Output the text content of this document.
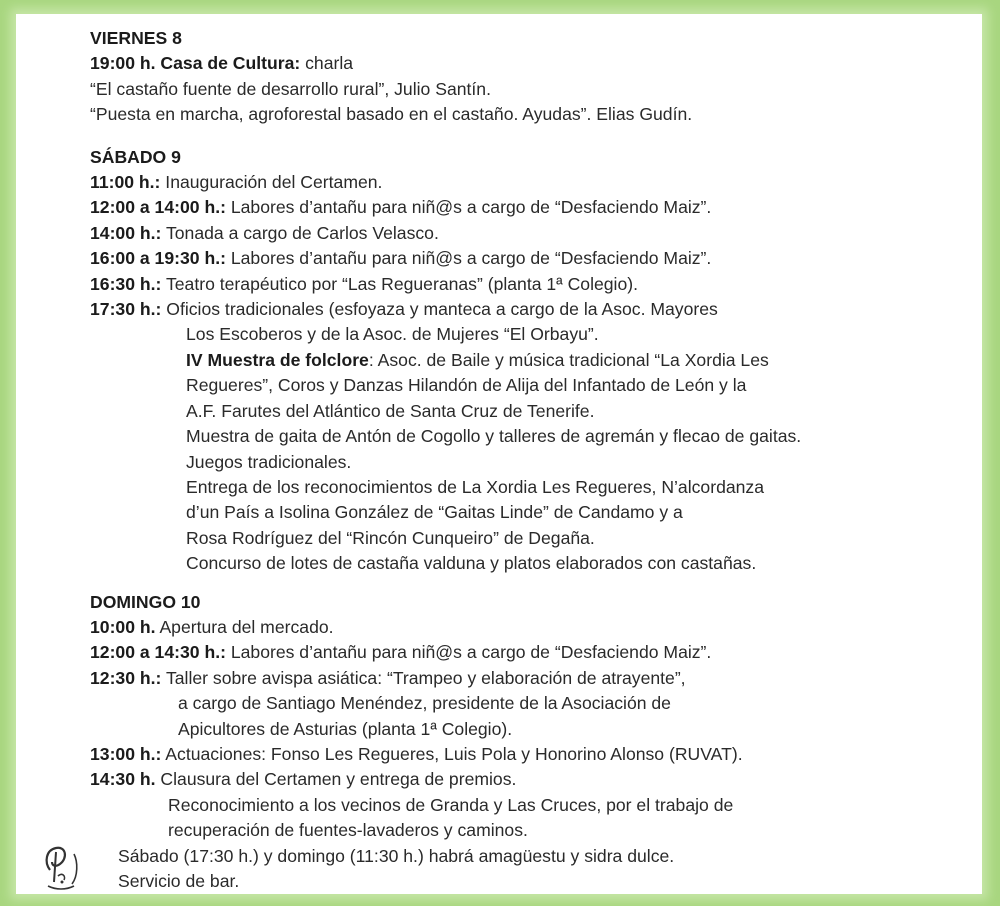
VIERNES 8
19:00 h. Casa de Cultura: charla
“El castaño fuente de desarrollo rural”, Julio Santín.
“Puesta en marcha, agroforestal basado en el castaño. Ayudas”. Elias Gudín.
SÁBADO 9
11:00 h.: Inauguración del Certamen.
12:00 a 14:00 h.: Labores d’antañu para niñ@s a cargo de “Desfaciendo Maiz”.
14:00 h.: Tonada a cargo de Carlos Velasco.
16:00 a 19:30 h.: Labores d’antañu para niñ@s a cargo de “Desfaciendo Maiz”.
16:30 h.: Teatro terapéutico por “Las Regueranas” (planta 1ª Colegio).
17:30 h.: Oficios tradicionales (esfoyaza y manteca a cargo de la Asoc. Mayores
Los Escoberos y de la Asoc. de Mujeres “El Orbayu”.
IV Muestra de folclore: Asoc. de Baile y música tradicional “La Xordia Les
Regueres”, Coros y Danzas Hilandón de Alija del Infantado de León y la
A.F. Farutes del Atlántico de Santa Cruz de Tenerife.
Muestra de gaita de Antón de Cogollo y talleres de agremán y flecao de gaitas.
Juegos tradicionales.
Entrega de los reconocimientos de La Xordia Les Regueres, N’alcordanza
d’un País a Isolina González de “Gaitas Linde” de Candamo y a
Rosa Rodríguez del “Rincón Cunqueiro” de Degaña.
Concurso de lotes de castaña valduna y platos elaborados con castañas.
DOMINGO 10
10:00 h. Apertura del mercado.
12:00 a 14:30 h.: Labores d’antañu para niñ@s a cargo de “Desfaciendo Maiz”.
12:30 h.: Taller sobre avispa asiática: “Trampeo y elaboración de atrayente”,
a cargo de Santiago Menéndez, presidente de la Asociación de
Apicultores de Asturias (planta 1ª Colegio).
13:00 h.: Actuaciones: Fonso Les Regueres, Luis Pola y Honorino Alonso (RUVAT).
14:30 h. Clausura del Certamen y entrega de premios.
Reconocimiento a los vecinos de Granda y Las Cruces, por el trabajo de
recuperación de fuentes-lavaderos y caminos.
Sábado (17:30 h.) y domingo (11:30 h.) habrá amagüestu y sidra dulce.
Servicio de bar.
